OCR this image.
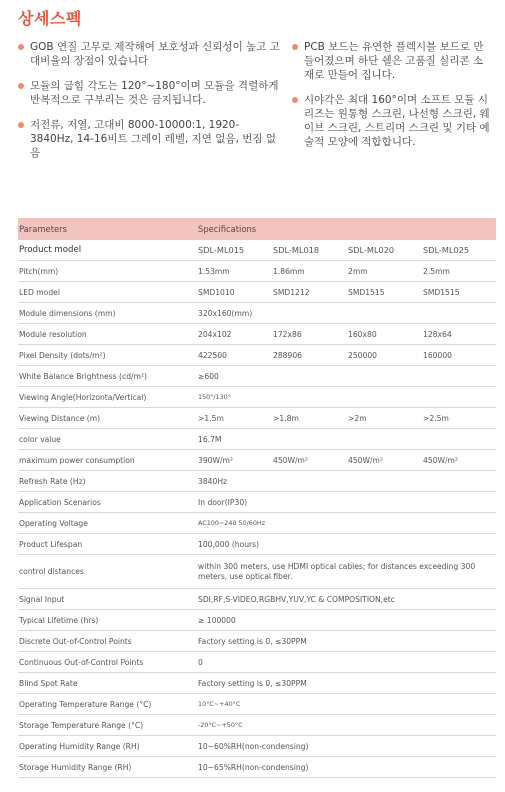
상세스펙
GOB 연질 고무로 제작해여 보호성과 신뢰성이 높고 고대비율의 장점이 있습니다
모듈의 굽힘 각도는 120°~180°이며 모듈을 격렬하게 반복적으로 구부리는 것은 금지됩니다.
저전류, 저열, 고대비 8000-10000:1, 1920-3840Hz, 14-16비트 그레이 레벨, 지연 없음, 번짐 없음
PCB 보드는 유연한 플렉시블 보드로 만들어졌으며 하단 쉘은 고품질 실리콘 소재로 만들어 집니다.
시야각은 최대 160°이며 소프트 모듈 시리즈는 원통형 스크린, 나선형 스크린, 웨이브 스크린, 스트리머 스크린 및 기타 예술적 모양에 적합합니다.
Parameters	Specifications			
Product model	SDL-ML015	SDL-ML018	SDL-ML020	SDL-ML025
Pitch(mm)	1.53mm	1.86mm	2mm	2.5mm
LED model	SMD1010	SMD1212	SMD1515	SMD1515
Module dimensions (mm)	320x160(mm)			
Module resolution	204x102	172x86	160x80	128x64
Pixel Density (dots/m²)	422500	288906	250000	160000
White Balance Brightness (cd/m²)	≥600			
Viewing Angle(Horizonta/Vertical)	150°/130°			
Viewing Distance (m)	>1.5m	>1.8m	>2m	>2.5m
color value	16.7M			
maximum power consumption	390W/m²	450W/m²	450W/m²	450W/m²
Refresh Rate (Hz)	3840Hz			
Application Scenarios	In door(IP30)			
Operating Voltage	AC100~240 50/60Hz			
Product Lifespan	100,000 (hours)			
control distances	within 300 meters, use HDMI optical cables; for distances exceeding 300 meters, use optical fiber.			
Signal Input	SDI,RF,S-VIDEO,RGBHV,YUV,YC & COMPOSITION,etc			
Typical Lifetime (hrs)	≥ 100000			
Discrete Out-of-Control Points	Factory setting is 0, ≤30PPM			
Continuous Out-of-Control Points	0			
Blind Spot Rate	Factory setting is 0, ≤30PPM			
Operating Temperature Range (°C)	10°C~+40°C			
Storage Temperature Range (°C)	-20°C~+50°C			
Operating Humidity Range (RH)	10~60%RH(non-condensing)			
Storage Humidity Range (RH)	10~65%RH(non-condensing)			
